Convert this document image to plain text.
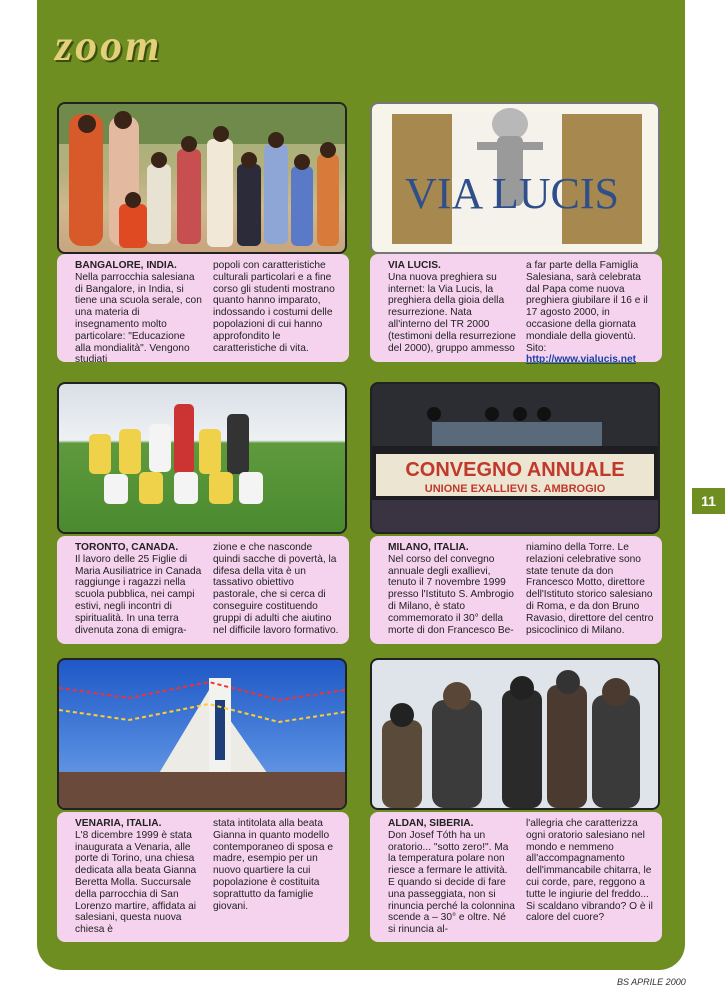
zoom
BANGALORE, INDIA.
Nella parrocchia salesiana di Bangalore, in India, si tiene una scuola serale, con una materia di insegnamento molto particolare: "Educazione alla mondialità". Vengono studiati
popoli con caratteristiche culturali particolari e a fine corso gli studenti mostrano quanto hanno imparato, indossando i costumi delle popolazioni di cui hanno approfondito le caratteristiche di vita.
VIA LUCIS
VIA LUCIS.
Una nuova preghiera su internet: la Via Lucis, la preghiera della gioia della resurrezione. Nata all'interno del TR 2000 (testimoni della resurrezione del 2000), gruppo ammesso
a far parte della Famiglia Salesiana, sarà celebrata dal Papa come nuova preghiera giubilare il 16 e il 17 agosto 2000, in occasione della giornata mondiale della gioventù. Sito: http://www.vialucis.net
TORONTO, CANADA.
Il lavoro delle 25 Figlie di Maria Ausiliatrice in Canada raggiunge i ragazzi nella scuola pubblica, nei campi estivi, negli incontri di spiritualità. In una terra divenuta zona di emigra-
zione e che nasconde quindi sacche di povertà, la difesa della vita è un tassativo obiettivo pastorale, che si cerca di conseguire costituendo gruppi di adulti che aiutino nel difficile lavoro formativo.
CONVEGNO ANNUALE
UNIONE EXALLIEVI S. AMBROGIO
MILANO, ITALIA.
Nel corso del convegno annuale degli exallievi, tenuto il 7 novembre 1999 presso l'Istituto S. Ambrogio di Milano, è stato commemorato il 30° della morte di don Francesco Be-
niamino della Torre. Le relazioni celebrative sono state tenute da don Francesco Motto, direttore dell'Istituto storico salesiano di Roma, e da don Bruno Ravasio, direttore del centro psicoclinico di Milano.
VENARIA, ITALIA.
L'8 dicembre 1999 è stata inaugurata a Venaria, alle porte di Torino, una chiesa dedicata alla beata Gianna Beretta Molla. Succursale della parrocchia di San Lorenzo martire, affidata ai salesiani, questa nuova chiesa è
stata intitolata alla beata Gianna in quanto modello contemporaneo di sposa e madre, esempio per un nuovo quartiere la cui popolazione è costituita soprattutto da famiglie giovani.
ALDAN, SIBERIA.
Don Josef Tóth ha un oratorio... "sotto zero!". Ma la temperatura polare non riesce a fermare le attività. E quando si decide di fare una passeggiata, non si rinuncia perché la colonnina scende a – 30° e oltre. Né si rinuncia al-
l'allegria che caratterizza ogni oratorio salesiano nel mondo e nemmeno all'accompagnamento dell'immancabile chitarra, le cui corde, pare, reggono a tutte le ingiurie del freddo... Si scaldano vibrando? O è il calore del cuore?
11
BS APRILE 2000
